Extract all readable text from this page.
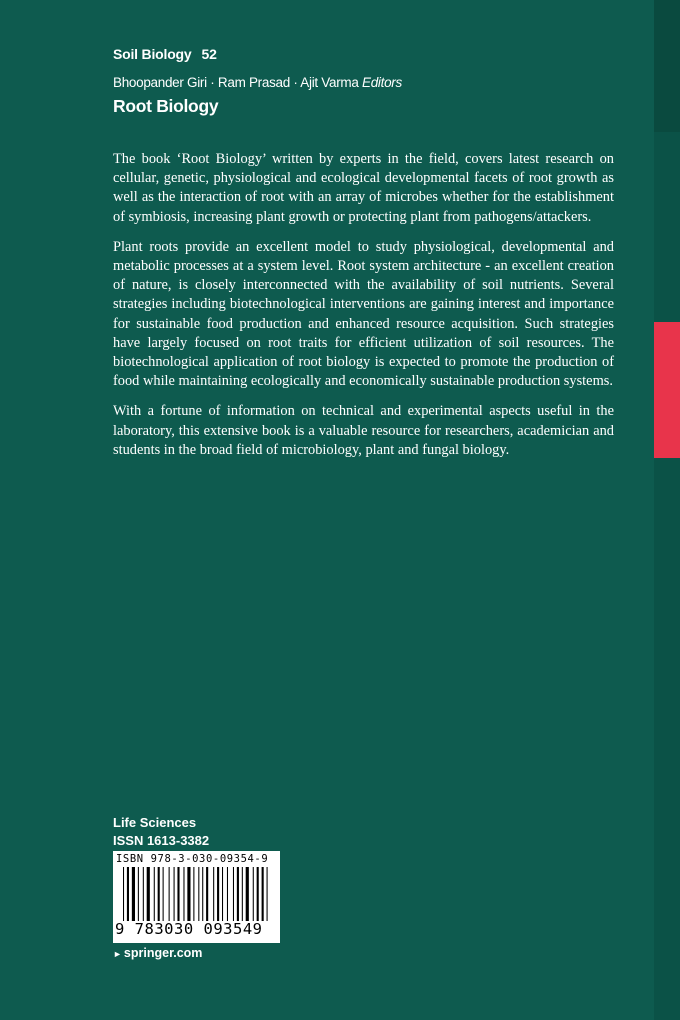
Soil Biology 52
Bhoopander Giri · Ram Prasad · Ajit Varma Editors
Root Biology

The book ‘Root Biology’ written by experts in the field, covers latest research on cellular, genetic, physiological and ecological developmental facets of root growth as well as the interaction of root with an array of microbes whether for the establishment of symbiosis, increasing plant growth or protecting plant from pathogens/attackers.

Plant roots provide an excellent model to study physiological, developmental and metabolic processes at a system level. Root system architecture - an excellent creation of nature, is closely interconnected with the availability of soil nutrients. Several strategies including biotechnological interventions are gaining interest and importance for sustainable food production and enhanced resource acquisition. Such strategies have largely focused on root traits for efficient utilization of soil resources. The biotechnological application of root biology is expected to promote the production of food while maintaining ecologically and economically sustainable production systems.

With a fortune of information on technical and experimental aspects useful in the laboratory, this extensive book is a valuable resource for researchers, academician and students in the broad field of microbiology, plant and fungal biology.

Life Sciences
ISSN 1613-3382
ISBN 978-3-030-09354-9
9 783030 093549
► springer.com
